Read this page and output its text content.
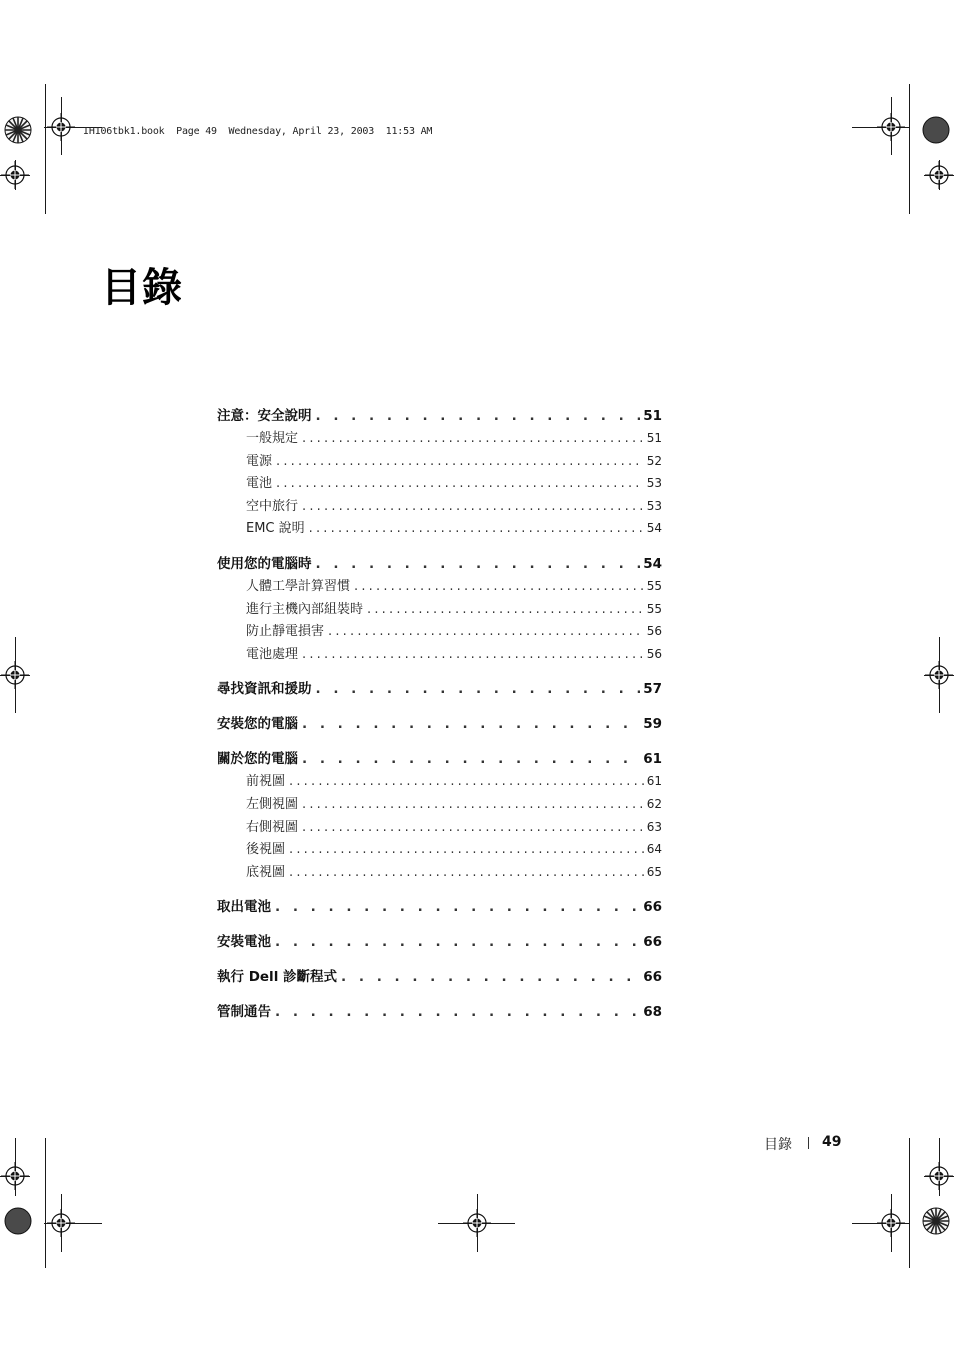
IH106tbk1.book  Page 49  Wednesday, April 23, 2003  11:53 AM
目錄
注意：安全說明 . . .	51
一般規定 .....	51
電源 .....	52
電池 .....	53
空中旅行 .....	53
EMC 說明 .....	54
使用您的電腦時 . . .	54
人體工學計算習慣 .....	55
進行主機內部組裝時 .....	55
防止靜電損害 .....	56
電池處理 .....	56
尋找資訊和援助 . . .	57
安裝您的電腦 . . .	59
關於您的電腦 . . .	61
前視圖 .....	61
左側視圖 .....	62
右側視圖 .....	63
後視圖 .....	64
底視圖 .....	65
取出電池 . . .	66
安裝電池 . . .	66
執行 Dell 診斷程式 . . .	66
管制通告 . . .	68
目錄 49
